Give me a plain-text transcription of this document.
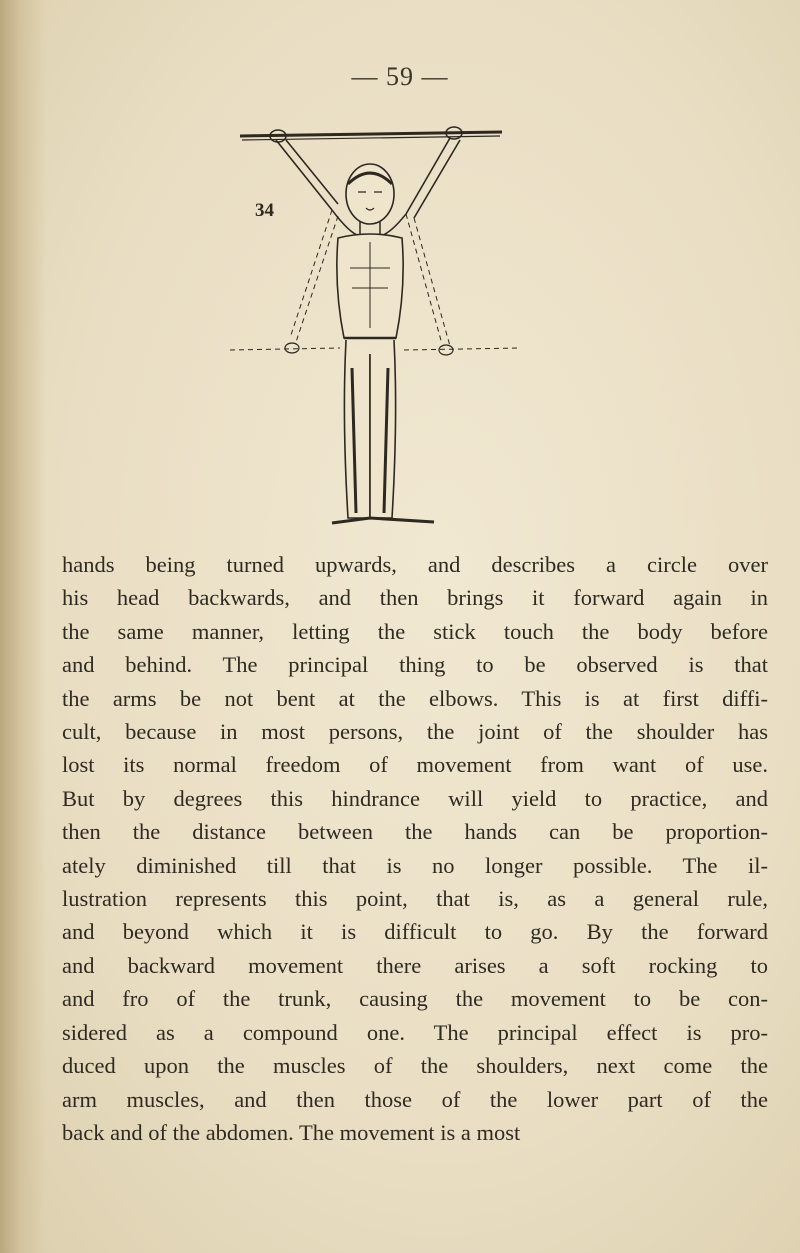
— 59 —
34
hands being turned upwards, and describes a circle over
his head backwards, and then brings it forward again in
the same manner, letting the stick touch the body before
and behind. The principal thing to be observed is that
the arms be not bent at the elbows. This is at first diffi-
cult, because in most persons, the joint of the shoulder has
lost its normal freedom of movement from want of use.
But by degrees this hindrance will yield to practice, and
then the distance between the hands can be proportion-
ately diminished till that is no longer possible. The il-
lustration represents this point, that is, as a general rule,
and beyond which it is difficult to go. By the forward
and backward movement there arises a soft rocking to
and fro of the trunk, causing the movement to be con-
sidered as a compound one. The principal effect is pro-
duced upon the muscles of the shoulders, next come the
arm muscles, and then those of the lower part of the
back and of the abdomen. The movement is a most
